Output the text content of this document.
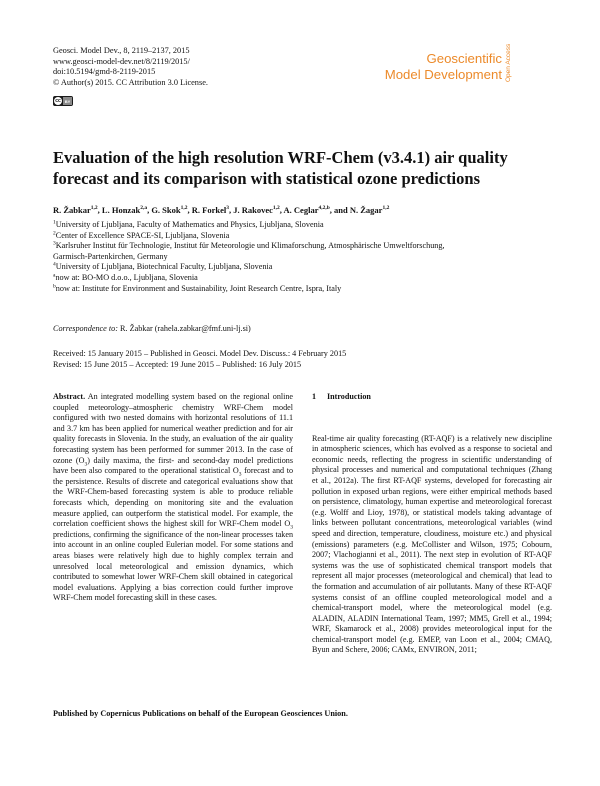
Geosci. Model Dev., 8, 2119–2137, 2015
www.geosci-model-dev.net/8/2119/2015/
doi:10.5194/gmd-8-2119-2015
© Author(s) 2015. CC Attribution 3.0 License.
cc BY
Geoscientific
Model Development Open Access
Evaluation of the high resolution WRF-Chem (v3.4.1) air quality forecast and its comparison with statistical ozone predictions
R. Žabkar$^{1,2}$, L. Honzak$^{2,a}$, G. Skok$^{1,2}$, R. Forkel$^3$, J. Rakovec$^{1,2}$, A. Ceglar$^{4,2,b}$, and N. Žagar$^{1,2}$
$^1$University of Ljubljana, Faculty of Mathematics and Physics, Ljubljana, Slovenia
$^2$Center of Excellence SPACE-SI, Ljubljana, Slovenia
$^3$Karlsruher Institut für Technologie, Institut für Meteorologie und Klimaforschung, Atmosphärische Umweltforschung,
Garmisch-Partenkirchen, Germany
$^4$University of Ljubljana, Biotechnical Faculty, Ljubljana, Slovenia
$^a$now at: BO-MO d.o.o., Ljubljana, Slovenia
$^b$now at: Institute for Environment and Sustainability, Joint Research Centre, Ispra, Italy
Correspondence to: R. Žabkar (rahela.zabkar@fmf.uni-lj.si)
Received: 15 January 2015 – Published in Geosci. Model Dev. Discuss.: 4 February 2015
Revised: 15 June 2015 – Accepted: 19 June 2015 – Published: 16 July 2015
Abstract. An integrated modelling system based on the regional online coupled meteorology–atmospheric chemistry WRF-Chem model configured with two nested domains with horizontal resolutions of 11.1 and 3.7 km has been applied for numerical weather prediction and for air quality forecasts in Slovenia. In the study, an evaluation of the air quality forecasting system has been performed for summer 2013. In the case of ozone $(O_3)$ daily maxima, the first- and second-day model predictions have been also compared to the operational statistical $O_3$ forecast and to the persistence. Results of discrete and categorical evaluations show that the WRF-Chem-based forecasting system is able to produce reliable forecasts which, depending on monitoring site and the evaluation measure applied, can outperform the statistical model. For example, the correlation coefficient shows the highest skill for WRF-Chem model $O_3$ predictions, confirming the significance of the non-linear processes taken into account in an online coupled Eulerian model. For some stations and areas biases were relatively high due to highly complex terrain and unresolved local meteorological and emission dynamics, which contributed to somewhat lower WRF-Chem skill obtained in categorical model evaluations. Applying a bias correction could further improve WRF-Chem model forecasting skill in these cases.
1 Introduction
Real-time air quality forecasting (RT-AQF) is a relatively new discipline in atmospheric sciences, which has evolved as a response to societal and economic needs, reflecting the progress in scientific understanding of physical processes and numerical and computational techniques (Zhang et al., 2012a). The first RT-AQF systems, developed for forecasting air pollution in exposed urban regions, were either empirical methods based on persistence, climatology, human expertise and meteorological forecast (e.g. Wolff and Lioy, 1978), or statistical models taking advantage of links between pollutant concentrations, meteorological variables (wind speed and direction, temperature, cloudiness, moisture etc.) and physical (emissions) parameters (e.g. McCollister and Wilson, 1975; Cobourn, 2007; Vlachogianni et al., 2011). The next step in evolution of RT-AQF systems was the use of sophisticated chemical transport models that represent all major processes (meteorological and chemical) that lead to the formation and accumulation of air pollutants. Many of these RT-AQF systems consist of an offline coupled meteorological model and a chemical-transport model, where the meteorological model (e.g. ALADIN, ALADIN International Team, 1997; MM5, Grell et al., 1994; WRF, Skamarock et al., 2008) provides meteorological input for the chemical-transport model (e.g. EMEP, van Loon et al., 2004; CMAQ, Byun and Schere, 2006; CAMx, ENVIRON, 2011;
Published by Copernicus Publications on behalf of the European Geosciences Union.
